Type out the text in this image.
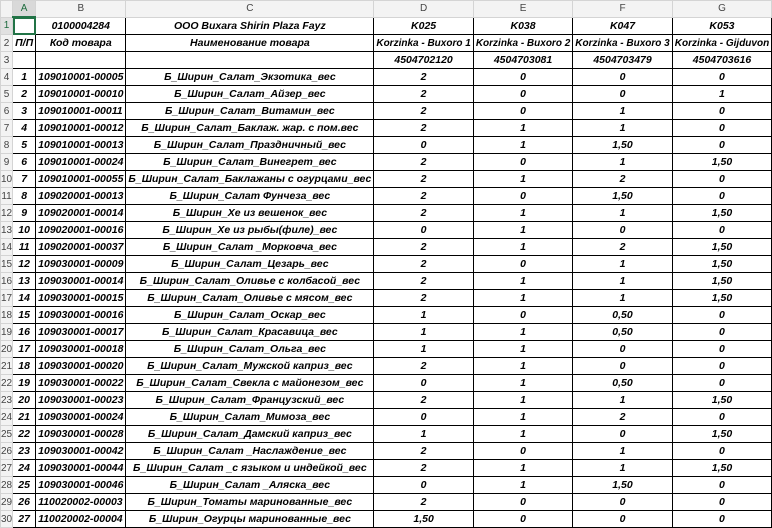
	A	B	C	D	E	F	G
1		0100004284	ООО Buxara Shirin Plaza Fayz	K025	K038	K047	K053
2	П/П	Код товара	Наименование товара	Korzinka - Buxoro 1	Korzinka - Buxoro 2	Korzinka - Buxoro 3	Korzinka - Gijduvon
3				4504702120	4504703081	4504703479	4504703616
4	1	109010001-00005	Б_Ширин_Салат_Экзотика_вес	2	0	0	0
5	2	109010001-00010	Б_Ширин_Салат_Айзер_вес	2	0	0	1
6	3	109010001-00011	Б_Ширин_Салат_Витамин_вес	2	0	1	0
7	4	109010001-00012	Б_Ширин_Салат_Баклаж. жар. с пом.вес	2	1	1	0
8	5	109010001-00013	Б_Ширин_Салат_Праздничный_вес	0	1	1,50	0
9	6	109010001-00024	Б_Ширин_Салат_Винегрет_вес	2	0	1	1,50
10	7	109010001-00055	Б_Ширин_Салат_Баклажаны с огурцами_вес	2	1	2	0
11	8	109020001-00013	Б_Ширин_Салат Фунчеза_вес	2	0	1,50	0
12	9	109020001-00014	Б_Ширин_Хе из вешенок_вес	2	1	1	1,50
13	10	109020001-00016	Б_Ширин_Хе из рыбы(филе)_вес	0	1	0	0
14	11	109020001-00037	Б_Ширин_Салат _Морковча_вес	2	1	2	1,50
15	12	109030001-00009	Б_Ширин_Салат_Цезарь_вес	2	0	1	1,50
16	13	109030001-00014	Б_Ширин_Салат_Оливье с колбасой_вес	2	1	1	1,50
17	14	109030001-00015	Б_Ширин_Салат_Оливье с мясом_вес	2	1	1	1,50
18	15	109030001-00016	Б_Ширин_Салат_Оскар_вес	1	0	0,50	0
19	16	109030001-00017	Б_Ширин_Салат_Красавица_вес	1	1	0,50	0
20	17	109030001-00018	Б_Ширин_Салат_Ольга_вес	1	1	0	0
21	18	109030001-00020	Б_Ширин_Салат_Мужской каприз_вес	2	1	0	0
22	19	109030001-00022	Б_Ширин_Салат_Свекла с майонезом_вес	0	1	0,50	0
23	20	109030001-00023	Б_Ширин_Салат_Французский_вес	2	1	1	1,50
24	21	109030001-00024	Б_Ширин_Салат_Мимоза_вес	0	1	2	0
25	22	109030001-00028	Б_Ширин_Салат_Дамский каприз_вес	1	1	0	1,50
26	23	109030001-00042	Б_Ширин_Салат _Наслаждение_вес	2	0	1	0
27	24	109030001-00044	Б_Ширин_Салат _с языком и индейкой_вес	2	1	1	1,50
28	25	109030001-00046	Б_Ширин_Салат _Аляска_вес	0	1	1,50	0
29	26	110020002-00003	Б_Ширин_Томаты маринованные_вес	2	0	0	0
30	27	110020002-00004	Б_Ширин_Огурцы маринованные_вес	1,50	0	0	0
